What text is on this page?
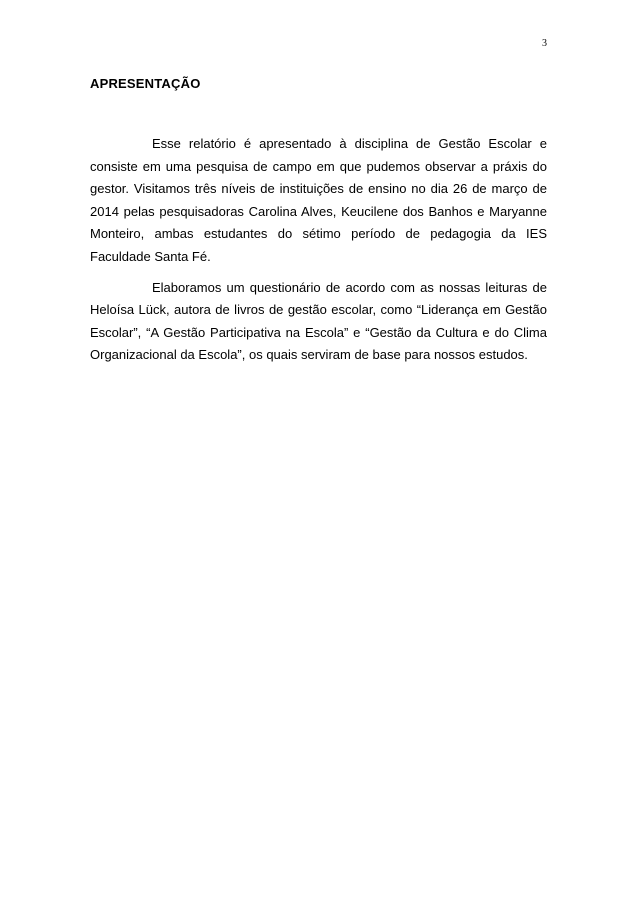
3
APRESENTAÇÃO

Esse relatório é apresentado à disciplina de Gestão Escolar e consiste em uma pesquisa de campo em que pudemos observar a práxis do gestor. Visitamos três níveis de instituições de ensino no dia 26 de março de 2014 pelas pesquisadoras Carolina Alves, Keucilene dos Banhos e Maryanne Monteiro, ambas estudantes do sétimo período de pedagogia da IES Faculdade Santa Fé.

Elaboramos um questionário de acordo com as nossas leituras de Heloísa Lück, autora de livros de gestão escolar, como “Liderança em Gestão Escolar”, “A Gestão Participativa na Escola” e “Gestão da Cultura e do Clima Organizacional da Escola”, os quais serviram de base para nossos estudos.
